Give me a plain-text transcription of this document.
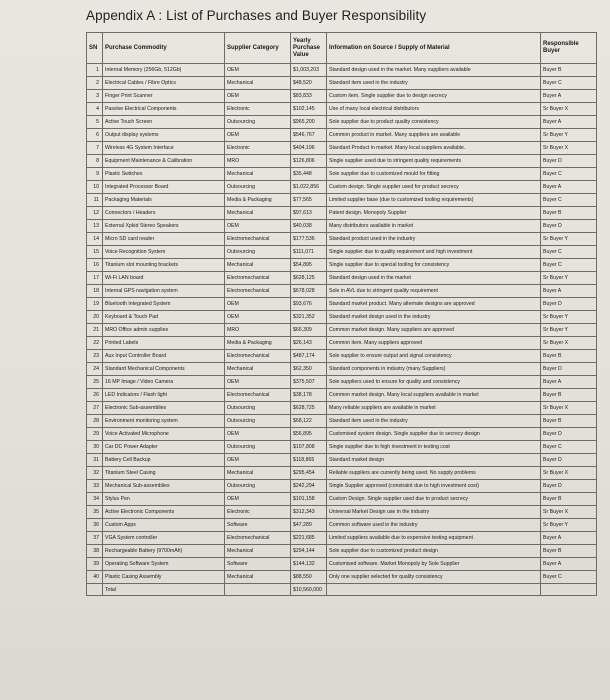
Appendix A : List of Purchases and Buyer Responsibility
SN	Purchase Commodity	Supplier Category	Yearly Purchase Value	Information on Source / Supply of Material	Responsible Buyer
1	Internal Memory (256Gb, 512Gb)	OEM	$1,003,203	Standard design used in the market. Many suppliers available	Buyer B
2	Electrical Cables / Fibre Optics	Mechanical	$48,520	Standard item used in the industry	Buyer C
3	Finger Print Scanner	OEM	$83,833	Custom item. Single supplier due to design secrecy	Buyer A
4	Passive Electrical Components	Electronic	$102,145	Use of many local electrical distributors	Sr Buyer X
5	Active Touch Screen	Outsourcing	$965,200	Sole supplier due to product quality consistency	Buyer A
6	Output display systems	OEM	$546,767	Common product in market. Many suppliers are available	Sr Buyer Y
7	Wireless 4G System Interface	Electronic	$404,196	Standard Product in market. Many local suppliers available.	Sr Buyer X
8	Equipment Maintenance & Calibration	MRO	$126,806	Single supplier used due to stringent quality requirements	Buyer D
9	Plastic Switches	Mechanical	$35,448	Sole supplier due to customized mould for fitting	Buyer C
10	Integrated Processor Board	Outsourcing	$1,022,856	Custom design. Single supplier used for product secrecy	Buyer A
11	Packaging Materials	Media & Packaging	$77,565	Limited supplier base (due to customized tooling requirements)	Buyer C
12	Connectors / Headers	Mechanical	$97,613	Patent design. Monopoly Supplier	Buyer B
13	External Xpkid Stereo Speakers	OEM	$40,038	Many distributors available in market	Buyer D
14	Micro SD card reader	Electromechanical	$177,536	Standard product used in the industry	Sr Buyer Y
15	Voice Recognition System	Outsourcing	$111,071	Single supplier due to quality requirement and high investment	Buyer C
16	Titanium slot mounting brackets	Mechanical	$54,895	Single supplier due to special tooling for consistency	Buyer C
17	Wi-Fi LAN board	Electromechanical	$628,125	Standard design used in the market	Sr Buyer Y
18	Internal GPS navigation system	Electromechanical	$678,028	Sole in AVL due to stringent quality requirement	Buyer A
19	Bluetooth Integrated System	OEM	$93,676	Standard market product. Many alternate designs are approved	Buyer D
20	Keyboard & Touch Pad	OEM	$321,352	Standard market design used in the industry	Sr Buyer Y
21	MRO Office admin supplies	MRO	$66,309	Common market design. Many suppliers are approved	Sr Buyer Y
22	Printed Labels	Media & Packaging	$26,143	Common item. Many suppliers approved	Sr Buyer X
23	Aux Input Controller Board	Electromechanical	$487,174	Sole supplier to ensure output and signal consistency	Buyer B
24	Standard Mechanical Components	Mechanical	$62,350	Standard components in industry (many Suppliers)	Buyer D
25	16 MP Image / Video Camera	OEM	$375,507	Sole suppliers used to ensure for quality and consistency	Buyer A
26	LED Indicators / Flash light	Electromechanical	$38,178	Common market design. Many local suppliers available in market	Buyer B
27	Electronic Sub-assemblies	Outsourcing	$628,725	Many reliable suppliers are available in market	Sr Buyer X
28	Environment monitoring system	Outsourcing	$68,122	Standard item used in the industry	Buyer B
29	Voice Activated Microphone	OEM	$56,895	Customised system design. Single supplier due to secrecy design	Buyer D
30	Car DC Power Adapter	Outsourcing	$107,808	Single supplier due to high investment in testing cost	Buyer C
31	Battery Cell Backup	OEM	$118,865	Standard market design	Buyer D
32	Titanium Steel Casing	Mechanical	$295,454	Reliable suppliers are currently being used. No supply problems	Sr Buyer X
33	Mechanical Sub-assemblies	Outsourcing	$242,294	Single Supplier approved (constraint due to high investment cost)	Buyer D
34	Stylus Pen	OEM	$101,158	Custom Design. Single supplier used due to product secrecy	Buyer B
35	Active Electronic Components	Electronic	$312,343	Universal Market Design use in the industry	Sr Buyer X
36	Custom Apps	Software	$47,289	Common software used in the industry	Sr Buyer Y
37	VGA System controller	Electromechanical	$221,685	Limited suppliers available due to expensive testing equipment	Buyer A
38	Rechargeable Battery (9700mAh)	Mechanical	$294,144	Sole supplier due to customized product design	Buyer B
39	Operating Software System	Software	$144,132	Customised software. Market Monopoly by Sole Supplier	Buyer A
40	Plastic Casing Assembly	Mechanical	$88,550	Only one supplier selected for quality consistency	Buyer C
	Total		$10,560,000		
